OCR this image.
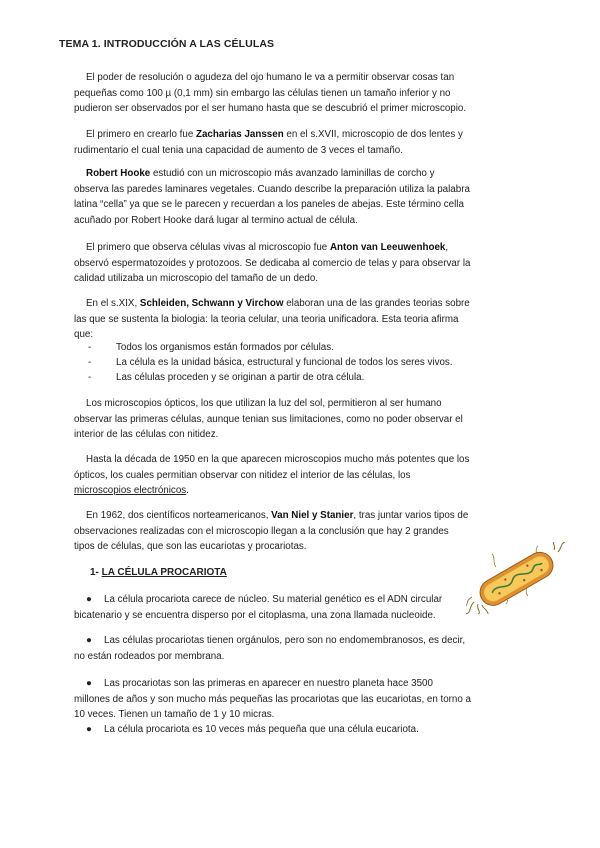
TEMA 1. INTRODUCCIÓN A LAS CÉLULAS
El poder de resolución o agudeza del ojo humano le va a permitir observar cosas tan
pequeñas como 100 µ (0,1 mm) sin embargo las células tienen un tamaño inferior y no
pudieron ser observados por el ser humano hasta que se descubrió el primer microscopio.
El primero en crearlo fue Zacharias Janssen en el s.XVII, microscopio de dos lentes y
rudimentario el cual tenia una capacidad de aumento de 3 veces el tamaño.
Robert Hooke estudió con un microscopio más avanzado laminillas de corcho y
observa las paredes laminares vegetales. Cuando describe la preparación utiliza la palabra
latina “cella” ya que se le parecen y recuerdan a los paneles de abejas. Este término cella
acuñado por Robert Hooke dará lugar al termino actual de célula.
El primero que observa células vivas al microscopio fue Anton van Leeuwenhoek,
observó espermatozoides y protozoos. Se dedicaba al comercio de telas y para observar la
calidad utilizaba un microscopio del tamaño de un dedo.
En el s.XIX, Schleiden, Schwann y Virchow elaboran una de las grandes teorias sobre
las que se sustenta la biologia: la teoria celular, una teoria unificadora. Esta teoria afirma
que:
-	Todos los organismos están formados por células.
-	La célula es la unidad básica, estructural y funcional de todos los seres vivos.
-	Las células proceden y se originan a partir de otra célula.
Los microscopios ópticos, los que utilizan la luz del sol, permitieron al ser humano
observar las primeras células, aunque tenian sus limitaciones, como no poder observar el
interior de las células con nitidez.
Hasta la década de 1950 en la que aparecen microscopios mucho más potentes que los
ópticos, los cuales permitian observar con nitidez el interior de las células, los
microscopios electrónicos.
En 1962, dos científicos norteamericanos, Van Niel y Stanier, tras juntar varios tipos de
observaciones realizadas con el microscopio llegan a la conclusión que hay 2 grandes
tipos de células, que son las eucariotas y procariotas.
1- LA CÉLULA PROCARIOTA
● La célula procariota carece de núcleo. Su material genético es el ADN circular
bicatenario y se encuentra disperso por el citoplasma, una zona llamada nucleoide.
● Las células procariotas tienen orgánulos, pero son no endomembranosos, es decir,
no están rodeados por membrana.
● Las procariotas son las primeras en aparecer en nuestro planeta hace 3500
millones de años y son mucho más pequeñas las procariotas que las eucariotas, en torno a
10 veces. Tienen un tamaño de 1 y 10 micras.
● La célula procariota es 10 veces más pequeña que una célula eucariota.
